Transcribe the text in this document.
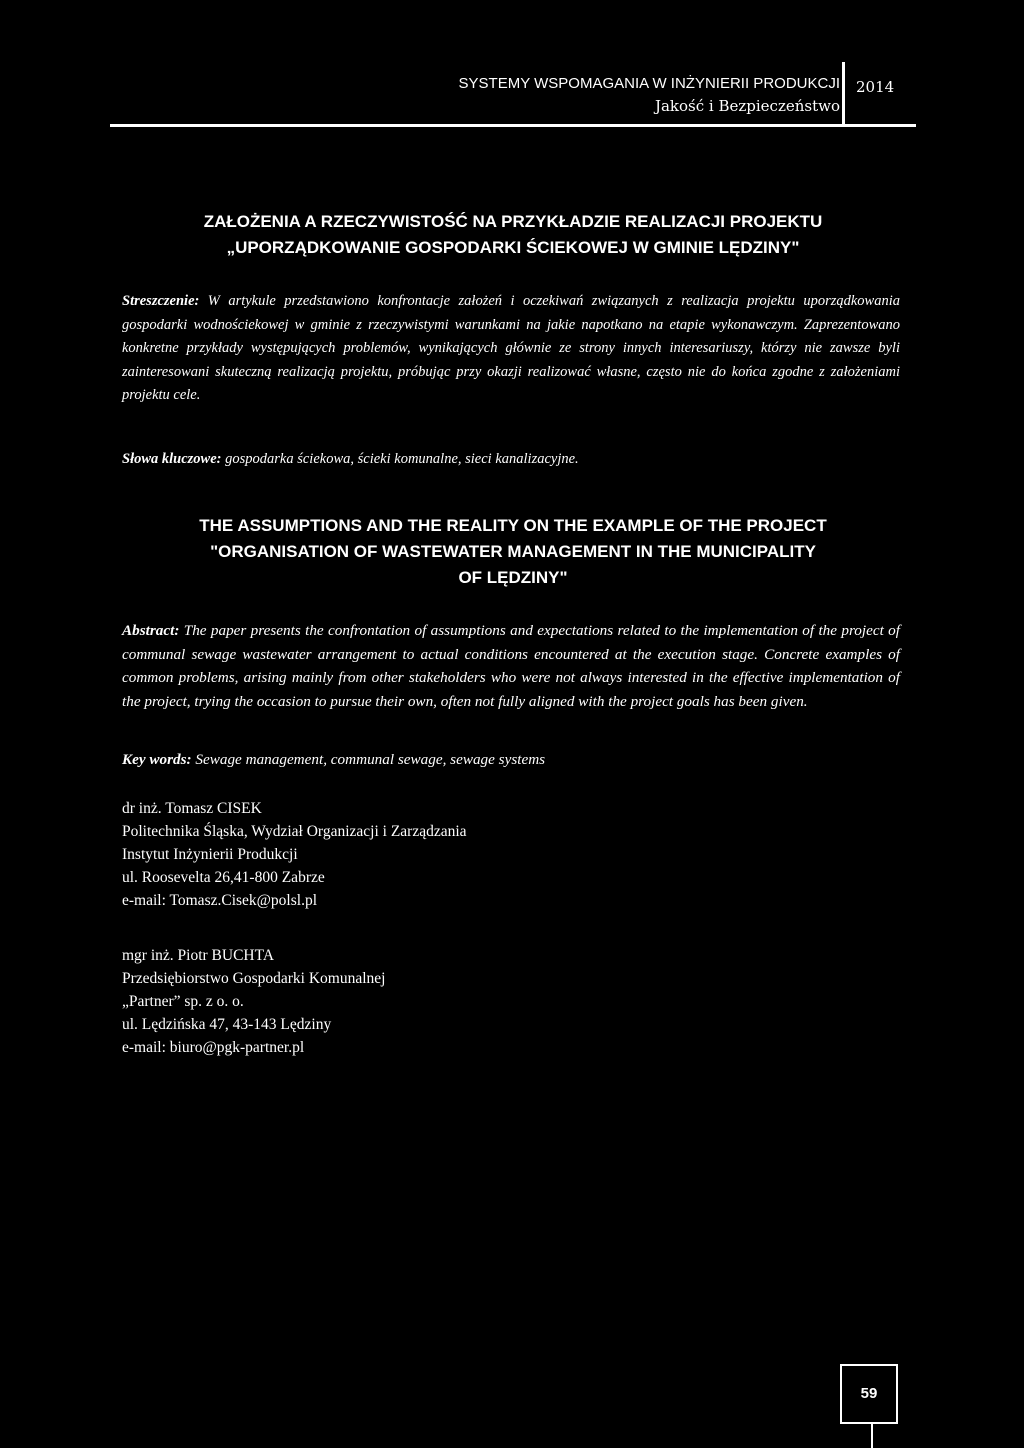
SYSTEMY WSPOMAGANIA W INŻYNIERII PRODUKCJI
Jakość i Bezpieczeństwo
2014
ZAŁOŻENIA A RZECZYWISTOŚĆ NA PRZYKŁADZIE REALIZACJI PROJEKTU
„UPORZĄDKOWANIE GOSPODARKI ŚCIEKOWEJ W GMINIE LĘDZINY"
Streszczenie: W artykule przedstawiono konfrontacje założeń i oczekiwań związanych z realizacja projektu uporządkowania gospodarki wodnościekowej w gminie z rzeczywistymi warunkami na jakie napotkano na etapie wykonawczym. Zaprezentowano konkretne przykłady występujących problemów, wynikających głównie ze strony innych interesariuszy, którzy nie zawsze byli zainteresowani skuteczną realizacją projektu, próbując przy okazji realizować własne, często nie do końca zgodne z założeniami projektu cele.
Słowa kluczowe: gospodarka ściekowa, ścieki komunalne, sieci kanalizacyjne.
THE ASSUMPTIONS AND THE REALITY ON THE EXAMPLE OF THE PROJECT
"ORGANISATION OF WASTEWATER MANAGEMENT IN THE MUNICIPALITY
OF LĘDZINY"
Abstract: The paper presents the confrontation of assumptions and expectations related to the implementation of the project of communal sewage wastewater arrangement to actual conditions encountered at the execution stage. Concrete examples of common problems, arising mainly from other stakeholders who were not always interested in the effective implementation of the project, trying the occasion to pursue their own, often not fully aligned with the project goals has been given.
Key words: Sewage management, communal sewage, sewage systems
dr inż. Tomasz CISEK
Politechnika Śląska, Wydział Organizacji i Zarządzania
Instytut Inżynierii Produkcji
ul. Roosevelta 26,41-800 Zabrze
e-mail: Tomasz.Cisek@polsl.pl
mgr inż. Piotr BUCHTA
Przedsiębiorstwo Gospodarki Komunalnej
„Partner” sp. z o. o.
ul. Lędzińska 47, 43-143 Lędziny
e-mail: biuro@pgk-partner.pl
59
